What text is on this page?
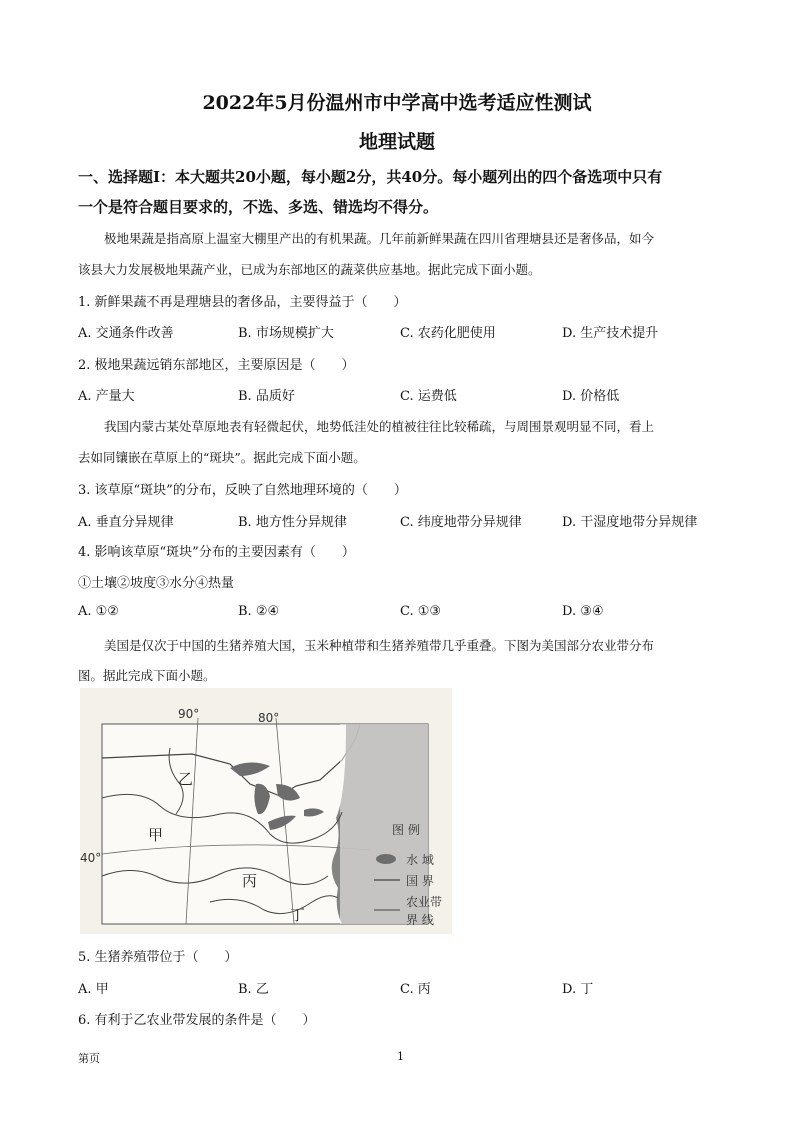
2022年5月份温州市中学高中选考适应性测试
地理试题
一、选择题Ⅰ：本大题共20小题，每小题2分，共40分。每小题列出的四个备选项中只有
一个是符合题目要求的，不选、多选、错选均不得分。
极地果蔬是指高原上温室大棚里产出的有机果蔬。几年前新鲜果蔬在四川省理塘县还是奢侈品，如今
该县大力发展极地果蔬产业，已成为东部地区的蔬菜供应基地。据此完成下面小题。
1. 新鲜果蔬不再是理塘县的奢侈品，主要得益于（　　）
A. 交通条件改善	B. 市场规模扩大	C. 农药化肥使用	D. 生产技术提升
2. 极地果蔬远销东部地区，主要原因是（　　）
A. 产量大	B. 品质好	C. 运费低	D. 价格低
我国内蒙古某处草原地表有轻微起伏，地势低洼处的植被往往比较稀疏，与周围景观明显不同，看上
去如同镶嵌在草原上的“斑块”。据此完成下面小题。
3. 该草原“斑块”的分布，反映了自然地理环境的（　　）
A. 垂直分异规律	B. 地方性分异规律	C. 纬度地带分异规律	D. 干湿度地带分异规律
4. 影响该草原“斑块”分布的主要因素有（　　）
①土壤②坡度③水分④热量
A. ①②	B. ②④	C. ①③	D. ③④
美国是仅次于中国的生猪养殖大国，玉米种植带和生猪养殖带几乎重叠。下图为美国部分农业带分布
图。据此完成下面小题。
90°	80°
40°
甲
乙
丙
丁
图 例
水 域
国 界
农业带
界 线
5. 生猪养殖带位于（　　）
A. 甲	B. 乙	C. 丙	D. 丁
6. 有利于乙农业带发展的条件是（　　）
第页	1
